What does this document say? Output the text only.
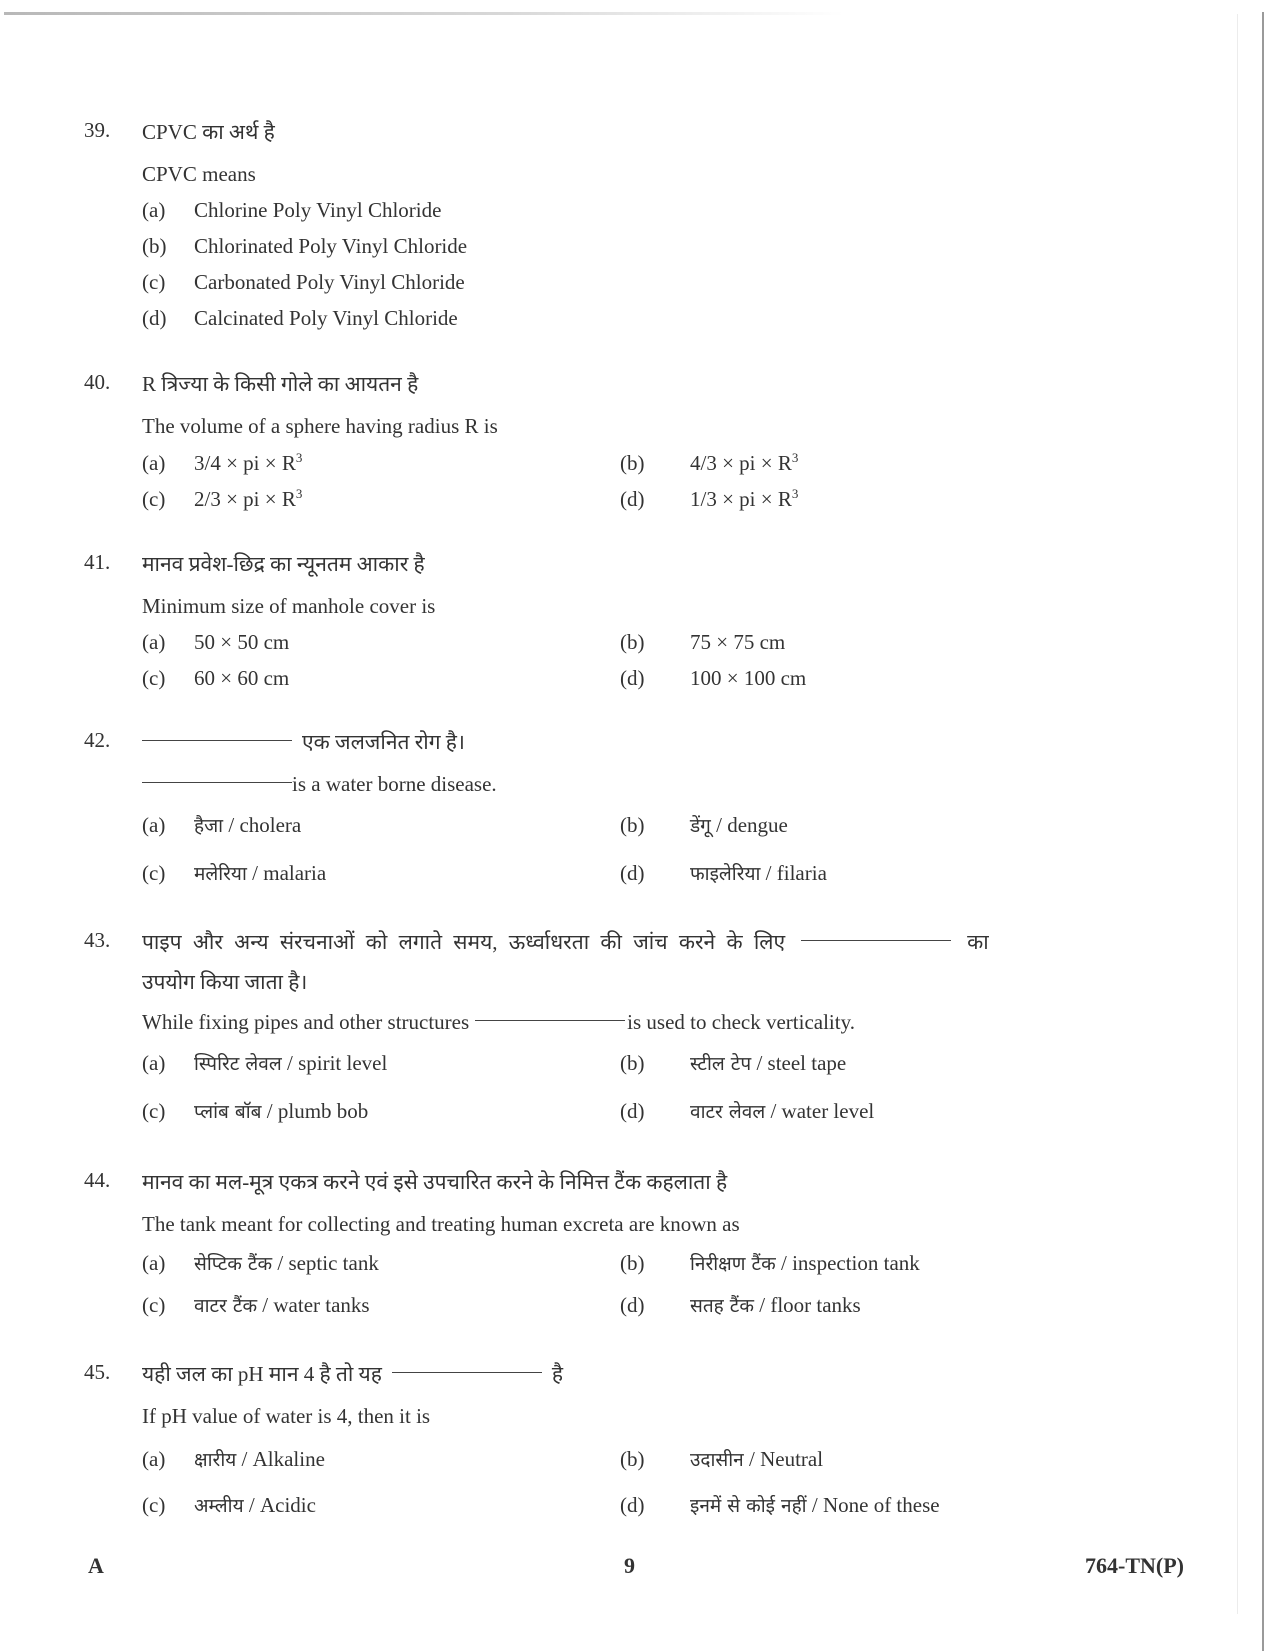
39. CPVC का अर्थ है
CPVC means
(a) Chlorine Poly Vinyl Chloride
(b) Chlorinated Poly Vinyl Chloride
(c) Carbonated Poly Vinyl Chloride
(d) Calcinated Poly Vinyl Chloride
40. R त्रिज्या के किसी गोले का आयतन है
The volume of a sphere having radius R is
(a) 3/4 × pi × $R^3$	(b) 4/3 × pi × $R^3$
(c) 2/3 × pi × $R^3$	(d) 1/3 × pi × $R^3$
41. मानव प्रवेश-छिद्र का न्यूनतम आकार है
Minimum size of manhole cover is
(a) 50 × 50 cm	(b) 75 × 75 cm
(c) 60 × 60 cm	(d) 100 × 100 cm
42.	एक जलजनित रोग है।
is a water borne disease.
(a) हैजा / cholera	(b) डेंगू / dengue
(c) मलेरिया / malaria	(d) फाइलेरिया / filaria
43. पाइप और अन्य संरचनाओं को लगाते समय, ऊर्ध्वाधरता की जांच करने के लिए	का
उपयोग किया जाता है।
While fixing pipes and other structures	is used to check verticality.
(a) स्पिरिट लेवल / spirit level	(b) स्टील टेप / steel tape
(c) प्लांब बॉब / plumb bob	(d) वाटर लेवल / water level
44. मानव का मल-मूत्र एकत्र करने एवं इसे उपचारित करने के निमित्त टैंक कहलाता है
The tank meant for collecting and treating human excreta are known as
(a) सेप्टिक टैंक / septic tank	(b) निरीक्षण टैंक / inspection tank
(c) वाटर टैंक / water tanks	(d) सतह टैंक / floor tanks
45. यही जल का pH मान 4 है तो यह	है
If pH value of water is 4, then it is
(a) क्षारीय / Alkaline	(b) उदासीन / Neutral
(c) अम्लीय / Acidic	(d) इनमें से कोई नहीं / None of these
A	9	764-TN(P)
